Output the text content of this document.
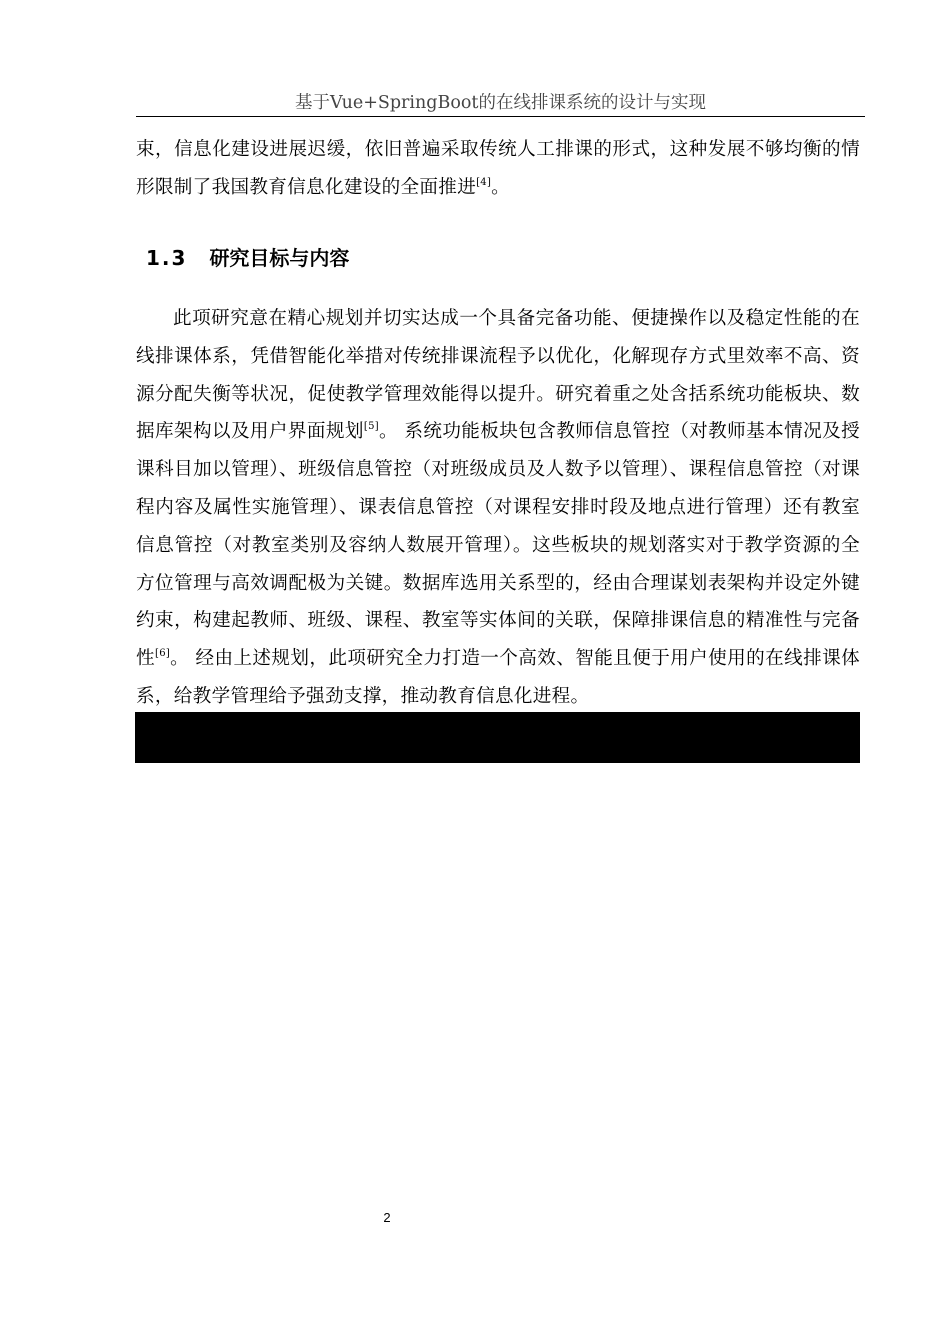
基于Vue+SpringBoot的在线排课系统的设计与实现

束，信息化建设进展迟缓，依旧普遍采取传统人工排课的形式，这种发展不够均衡的情形限制了我国教育信息化建设的全面推进[4]。

1.3 研究目标与内容

此项研究意在精心规划并切实达成一个具备完备功能、便捷操作以及稳定性能的在线排课体系，凭借智能化举措对传统排课流程予以优化，化解现存方式里效率不高、资源分配失衡等状况，促使教学管理效能得以提升。研究着重之处含括系统功能板块、数据库架构以及用户界面规划[5]。 系统功能板块包含教师信息管控（对教师基本情况及授课科目加以管理）、班级信息管控（对班级成员及人数予以管理）、课程信息管控（对课程内容及属性实施管理）、课表信息管控（对课程安排时段及地点进行管理）还有教室信息管控（对教室类别及容纳人数展开管理）。这些板块的规划落实对于教学资源的全方位管理与高效调配极为关键。数据库选用关系型的，经由合理谋划表架构并设定外键约束，构建起教师、班级、课程、教室等实体间的关联，保障排课信息的精准性与完备性[6]。 经由上述规划，此项研究全力打造一个高效、智能且便于用户使用的在线排课体系，给教学管理给予强劲支撑，推动教育信息化进程。

2
